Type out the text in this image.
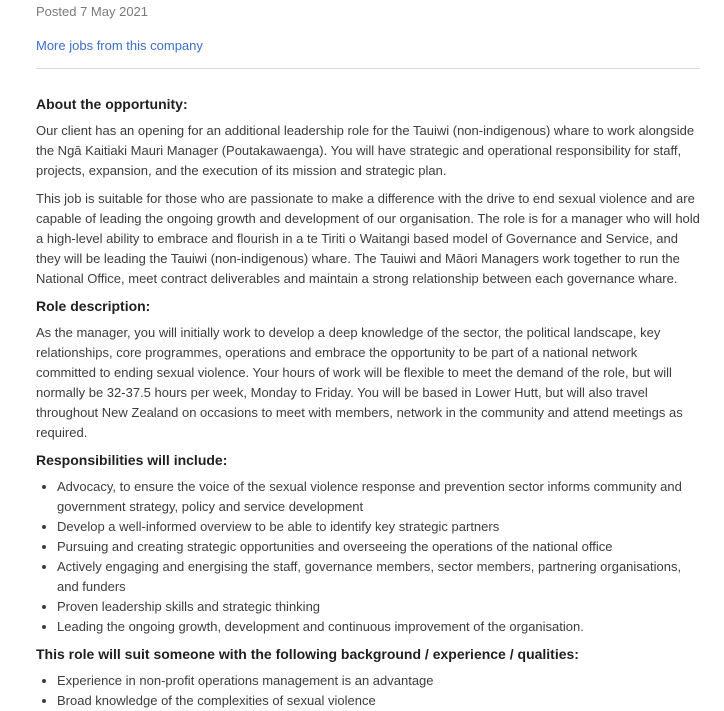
Posted 7 May 2021

More jobs from this company
About the opportunity:

Our client has an opening for an additional leadership role for the Tauiwi (non-indigenous) whare to work alongside the Ngā Kaitiaki Mauri Manager (Poutakawaenga). You will have strategic and operational responsibility for staff, projects, expansion, and the execution of its mission and strategic plan.

This job is suitable for those who are passionate to make a difference with the drive to end sexual violence and are capable of leading the ongoing growth and development of our organisation. The role is for a manager who will hold a high-level ability to embrace and flourish in a te Tiriti o Waitangi based model of Governance and Service, and they will be leading the Tauiwi (non-indigenous) whare. The Tauiwi and Māori Managers work together to run the National Office, meet contract deliverables and maintain a strong relationship between each governance whare.

Role description:

As the manager, you will initially work to develop a deep knowledge of the sector, the political landscape, key relationships, core programmes, operations and embrace the opportunity to be part of a national network committed to ending sexual violence. Your hours of work will be flexible to meet the demand of the role, but will normally be 32-37.5 hours per week, Monday to Friday. You will be based in Lower Hutt, but will also travel throughout New Zealand on occasions to meet with members, network in the community and attend meetings as required.

Responsibilities will include:
• Advocacy, to ensure the voice of the sexual violence response and prevention sector informs community and government strategy, policy and service development
• Develop a well-informed overview to be able to identify key strategic partners
• Pursuing and creating strategic opportunities and overseeing the operations of the national office
• Actively engaging and energising the staff, governance members, sector members, partnering organisations, and funders
• Proven leadership skills and strategic thinking
• Leading the ongoing growth, development and continuous improvement of the organisation.
This role will suit someone with the following background / experience / qualities:
• Experience in non-profit operations management is an advantage
• Broad knowledge of the complexities of sexual violence
